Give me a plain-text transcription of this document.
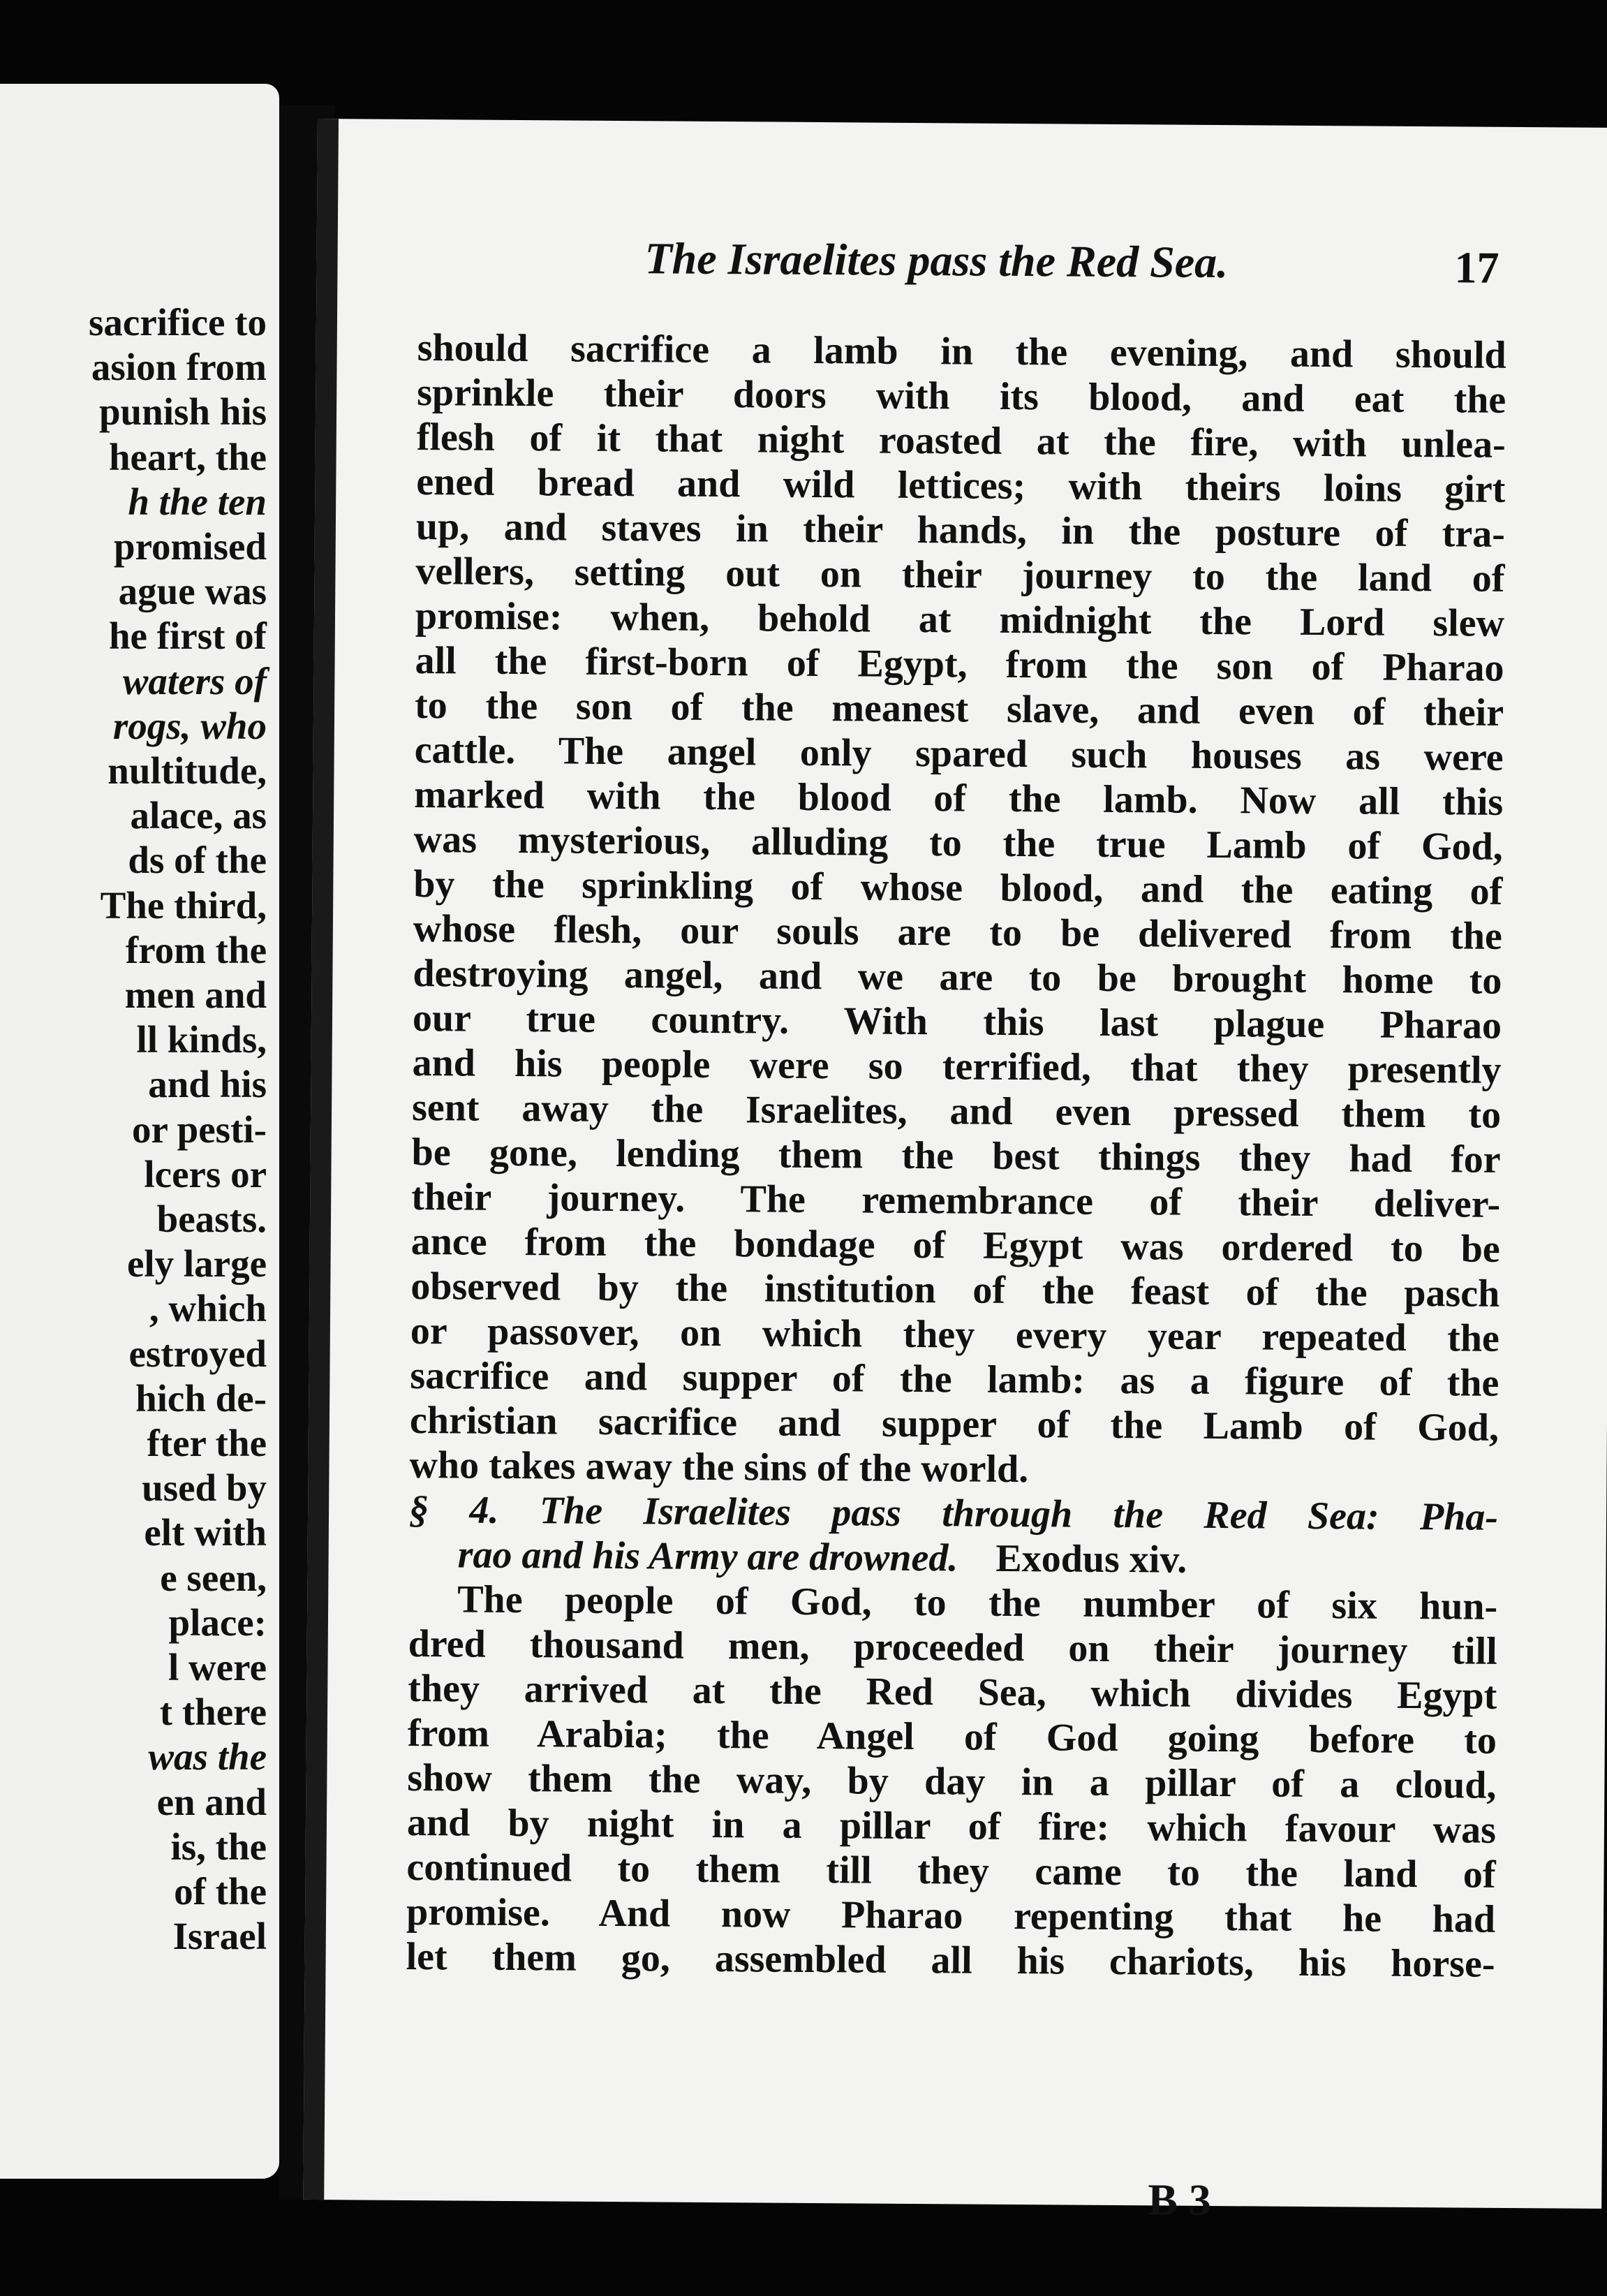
sacrifice to
asion from
punish his
heart, the
h the ten
promised
ague was
he first of
waters of
rogs, who
nultitude,
alace, as
ds of the
The third,
from the
men and
ll kinds,
and his
or pesti-
lcers or
beasts.
ely large
, which
estroyed
hich de-
fter the
used by
elt with
e seen,
place:
l were
t there
was the
en and
is, the
of the
Israel
The Israelites pass the Red Sea.	17
should sacrifice a lamb in the evening, and should
sprinkle their doors with its blood, and eat the
flesh of it that night roasted at the fire, with unlea-
ened bread and wild lettices; with theirs loins girt
up, and staves in their hands, in the posture of tra-
vellers, setting out on their journey to the land of
promise: when, behold at midnight the Lord slew
all the first-born of Egypt, from the son of Pharao
to the son of the meanest slave, and even of their
cattle. The angel only spared such houses as were
marked with the blood of the lamb. Now all this
was mysterious, alluding to the true Lamb of God,
by the sprinkling of whose blood, and the eating of
whose flesh, our souls are to be delivered from the
destroying angel, and we are to be brought home to
our true country. With this last plague Pharao
and his people were so terrified, that they presently
sent away the Israelites, and even pressed them to
be gone, lending them the best things they had for
their journey. The remembrance of their deliver-
ance from the bondage of Egypt was ordered to be
observed by the institution of the feast of the pasch
or passover, on which they every year repeated the
sacrifice and supper of the lamb: as a figure of the
christian sacrifice and supper of the Lamb of God,
who takes away the sins of the world.
§ 4. The Israelites pass through the Red Sea: Pha-
rao and his Army are drowned. Exodus xiv.
The people of God, to the number of six hun-
dred thousand men, proceeded on their journey till
they arrived at the Red Sea, which divides Egypt
from Arabia; the Angel of God going before to
show them the way, by day in a pillar of a cloud,
and by night in a pillar of fire: which favour was
continued to them till they came to the land of
promise. And now Pharao repenting that he had
let them go, assembled all his chariots, his horse-
B 3
